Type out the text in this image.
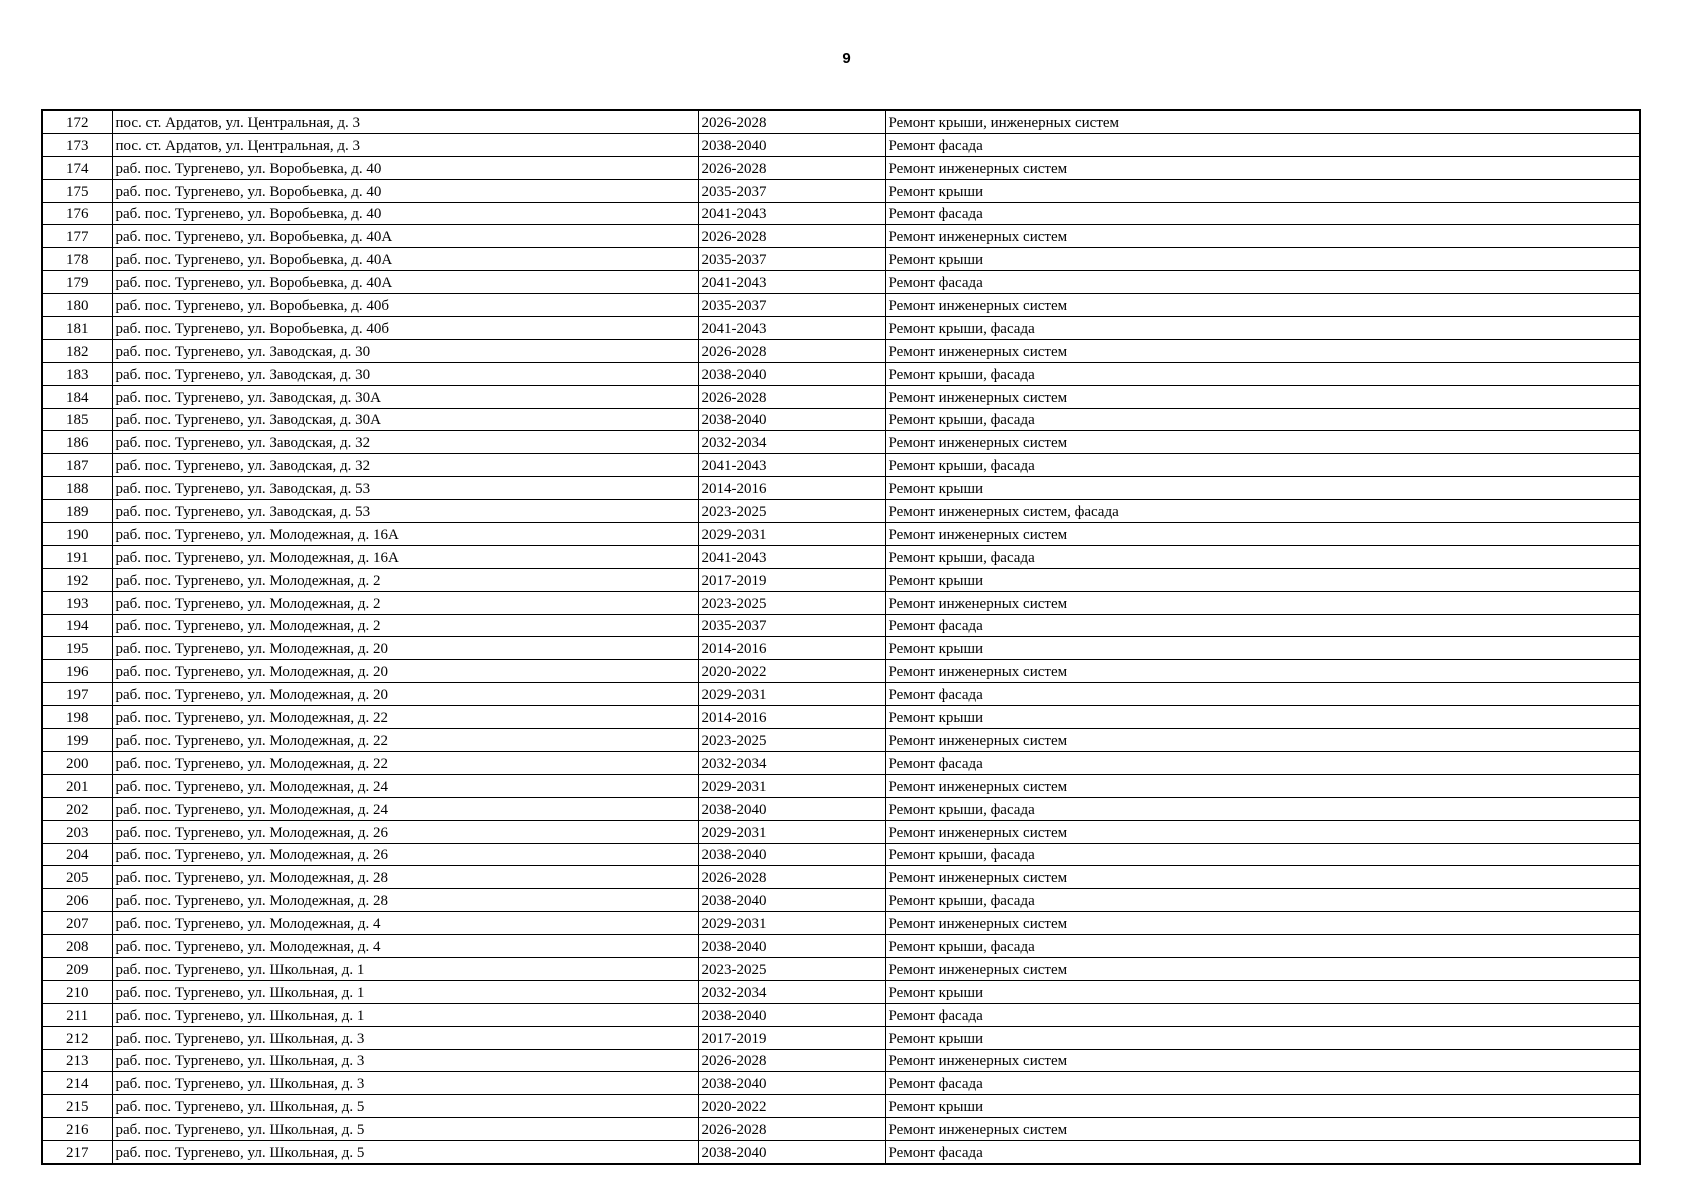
9
172	пос. ст. Ардатов, ул. Центральная, д. 3	2026-2028	Ремонт крыши, инженерных систем
173	пос. ст. Ардатов, ул. Центральная, д. 3	2038-2040	Ремонт фасада
174	раб. пос. Тургенево, ул. Воробьевка, д. 40	2026-2028	Ремонт инженерных систем
175	раб. пос. Тургенево, ул. Воробьевка, д. 40	2035-2037	Ремонт крыши
176	раб. пос. Тургенево, ул. Воробьевка, д. 40	2041-2043	Ремонт фасада
177	раб. пос. Тургенево, ул. Воробьевка, д. 40А	2026-2028	Ремонт инженерных систем
178	раб. пос. Тургенево, ул. Воробьевка, д. 40А	2035-2037	Ремонт крыши
179	раб. пос. Тургенево, ул. Воробьевка, д. 40А	2041-2043	Ремонт фасада
180	раб. пос. Тургенево, ул. Воробьевка, д. 40б	2035-2037	Ремонт инженерных систем
181	раб. пос. Тургенево, ул. Воробьевка, д. 40б	2041-2043	Ремонт крыши, фасада
182	раб. пос. Тургенево, ул. Заводская, д. 30	2026-2028	Ремонт инженерных систем
183	раб. пос. Тургенево, ул. Заводская, д. 30	2038-2040	Ремонт крыши, фасада
184	раб. пос. Тургенево, ул. Заводская, д. 30А	2026-2028	Ремонт инженерных систем
185	раб. пос. Тургенево, ул. Заводская, д. 30А	2038-2040	Ремонт крыши, фасада
186	раб. пос. Тургенево, ул. Заводская, д. 32	2032-2034	Ремонт инженерных систем
187	раб. пос. Тургенево, ул. Заводская, д. 32	2041-2043	Ремонт крыши, фасада
188	раб. пос. Тургенево, ул. Заводская, д. 53	2014-2016	Ремонт крыши
189	раб. пос. Тургенево, ул. Заводская, д. 53	2023-2025	Ремонт инженерных систем, фасада
190	раб. пос. Тургенево, ул. Молодежная, д. 16А	2029-2031	Ремонт инженерных систем
191	раб. пос. Тургенево, ул. Молодежная, д. 16А	2041-2043	Ремонт крыши, фасада
192	раб. пос. Тургенево, ул. Молодежная, д. 2	2017-2019	Ремонт крыши
193	раб. пос. Тургенево, ул. Молодежная, д. 2	2023-2025	Ремонт инженерных систем
194	раб. пос. Тургенево, ул. Молодежная, д. 2	2035-2037	Ремонт фасада
195	раб. пос. Тургенево, ул. Молодежная, д. 20	2014-2016	Ремонт крыши
196	раб. пос. Тургенево, ул. Молодежная, д. 20	2020-2022	Ремонт инженерных систем
197	раб. пос. Тургенево, ул. Молодежная, д. 20	2029-2031	Ремонт фасада
198	раб. пос. Тургенево, ул. Молодежная, д. 22	2014-2016	Ремонт крыши
199	раб. пос. Тургенево, ул. Молодежная, д. 22	2023-2025	Ремонт инженерных систем
200	раб. пос. Тургенево, ул. Молодежная, д. 22	2032-2034	Ремонт фасада
201	раб. пос. Тургенево, ул. Молодежная, д. 24	2029-2031	Ремонт инженерных систем
202	раб. пос. Тургенево, ул. Молодежная, д. 24	2038-2040	Ремонт крыши, фасада
203	раб. пос. Тургенево, ул. Молодежная, д. 26	2029-2031	Ремонт инженерных систем
204	раб. пос. Тургенево, ул. Молодежная, д. 26	2038-2040	Ремонт крыши, фасада
205	раб. пос. Тургенево, ул. Молодежная, д. 28	2026-2028	Ремонт инженерных систем
206	раб. пос. Тургенево, ул. Молодежная, д. 28	2038-2040	Ремонт крыши, фасада
207	раб. пос. Тургенево, ул. Молодежная, д. 4	2029-2031	Ремонт инженерных систем
208	раб. пос. Тургенево, ул. Молодежная, д. 4	2038-2040	Ремонт крыши, фасада
209	раб. пос. Тургенево, ул. Школьная, д. 1	2023-2025	Ремонт инженерных систем
210	раб. пос. Тургенево, ул. Школьная, д. 1	2032-2034	Ремонт крыши
211	раб. пос. Тургенево, ул. Школьная, д. 1	2038-2040	Ремонт фасада
212	раб. пос. Тургенево, ул. Школьная, д. 3	2017-2019	Ремонт крыши
213	раб. пос. Тургенево, ул. Школьная, д. 3	2026-2028	Ремонт инженерных систем
214	раб. пос. Тургенево, ул. Школьная, д. 3	2038-2040	Ремонт фасада
215	раб. пос. Тургенево, ул. Школьная, д. 5	2020-2022	Ремонт крыши
216	раб. пос. Тургенево, ул. Школьная, д. 5	2026-2028	Ремонт инженерных систем
217	раб. пос. Тургенево, ул. Школьная, д. 5	2038-2040	Ремонт фасада
